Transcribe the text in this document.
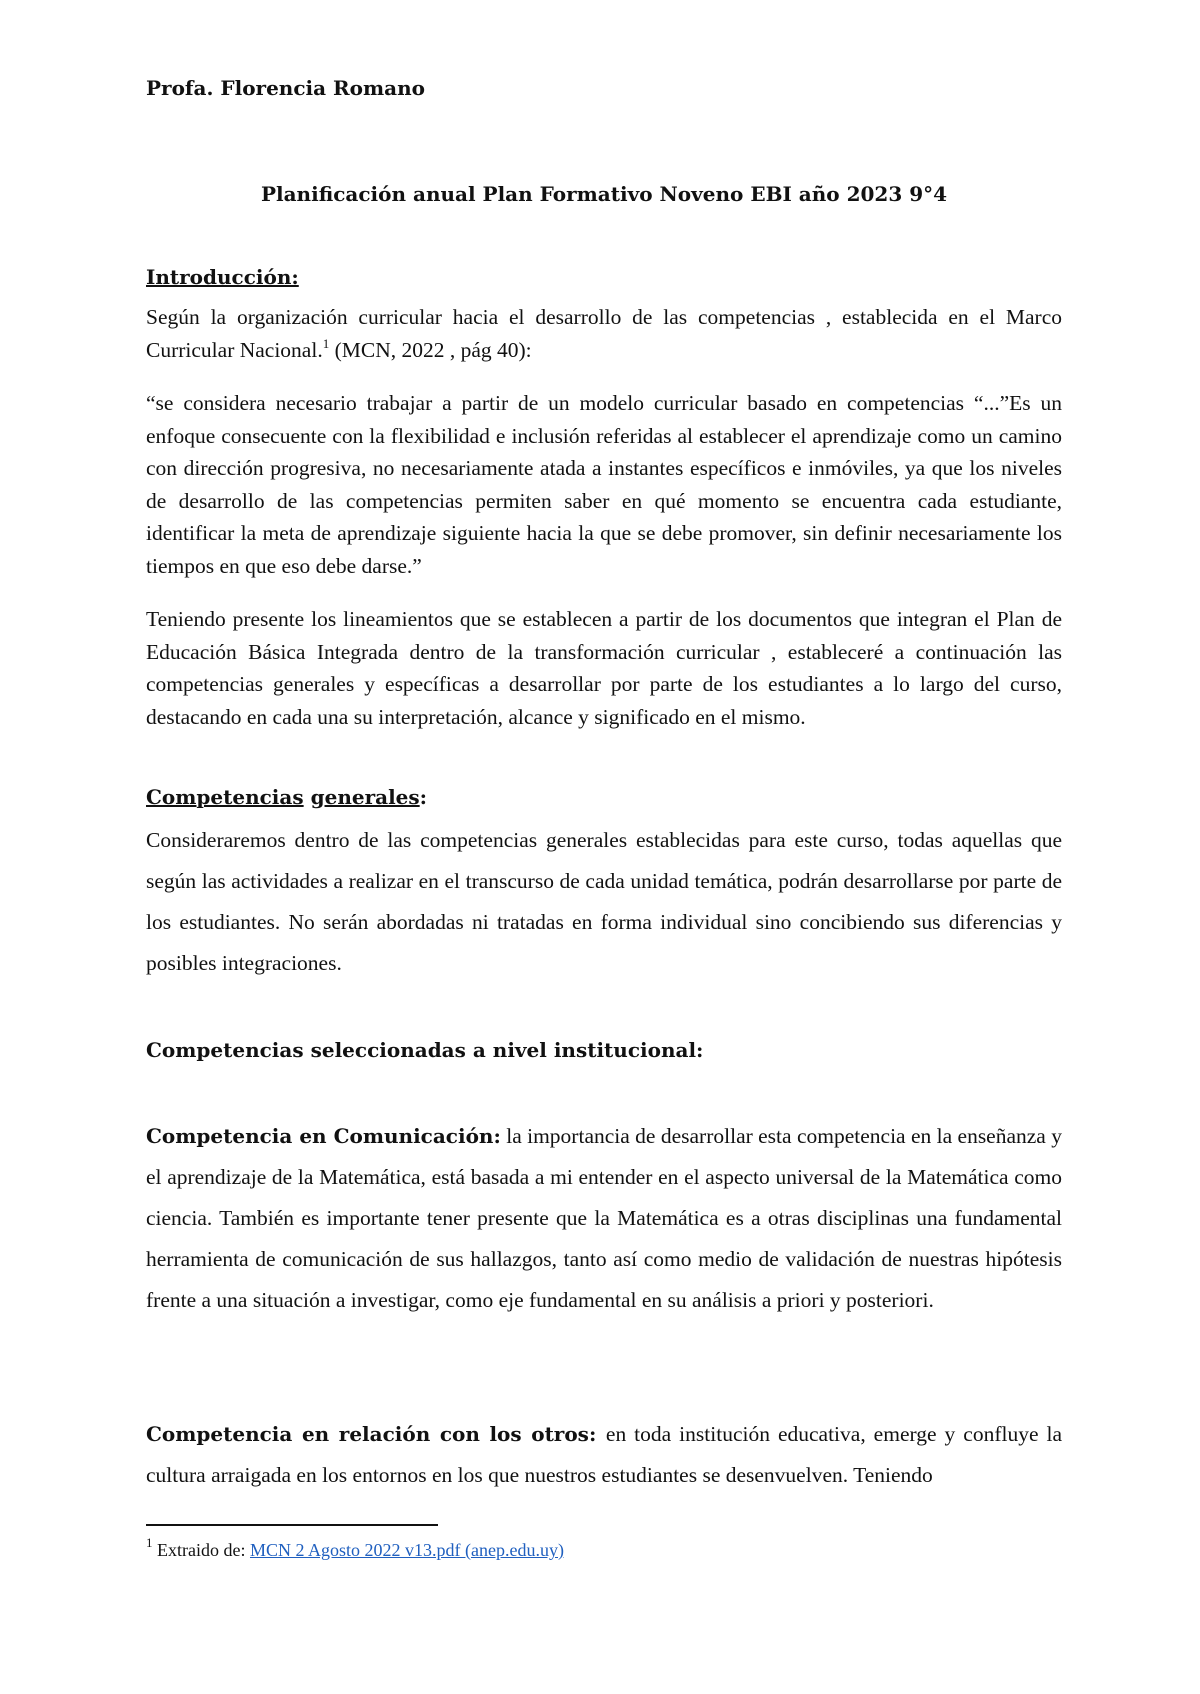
Profa. Florencia Romano
Planificación anual Plan Formativo Noveno EBI año 2023 9°4
Introducción:
Según la organización curricular hacia el desarrollo de las competencias , establecida en el Marco Curricular Nacional.$^1$ (MCN, 2022 , pág 40):
“se considera necesario trabajar a partir de un modelo curricular basado en competencias “...”Es un enfoque consecuente con la flexibilidad e inclusión referidas al establecer el aprendizaje como un camino con dirección progresiva, no necesariamente atada a instantes específicos e inmóviles, ya que los niveles de desarrollo de las competencias permiten saber en qué momento se encuentra cada estudiante, identificar la meta de aprendizaje siguiente hacia la que se debe promover, sin definir necesariamente los tiempos en que eso debe darse.”
Teniendo presente los lineamientos que se establecen a partir de los documentos que integran el Plan de Educación Básica Integrada dentro de la transformación curricular , estableceré a continuación las competencias generales y específicas a desarrollar por parte de los estudiantes a lo largo del curso, destacando en cada una su interpretación, alcance y significado en el mismo.
Competencias generales:
Consideraremos dentro de las competencias generales establecidas para este curso, todas aquellas que según las actividades a realizar en el transcurso de cada unidad temática, podrán desarrollarse por parte de los estudiantes. No serán abordadas ni tratadas en forma individual sino concibiendo sus diferencias y posibles integraciones.
Competencias seleccionadas a nivel institucional:
Competencia en Comunicación: la importancia de desarrollar esta competencia en la enseñanza y el aprendizaje de la Matemática, está basada a mi entender en el aspecto universal de la Matemática como ciencia. También es importante tener presente que la Matemática es a otras disciplinas una fundamental herramienta de comunicación de sus hallazgos, tanto así como medio de validación de nuestras hipótesis frente a una situación a investigar, como eje fundamental en su análisis a priori y posteriori.
Competencia en relación con los otros: en toda institución educativa, emerge y confluye la cultura arraigada en los entornos en los que nuestros estudiantes se desenvuelven. Teniendo
$^1$ Extraido de: MCN 2 Agosto 2022 v13.pdf (anep.edu.uy)
